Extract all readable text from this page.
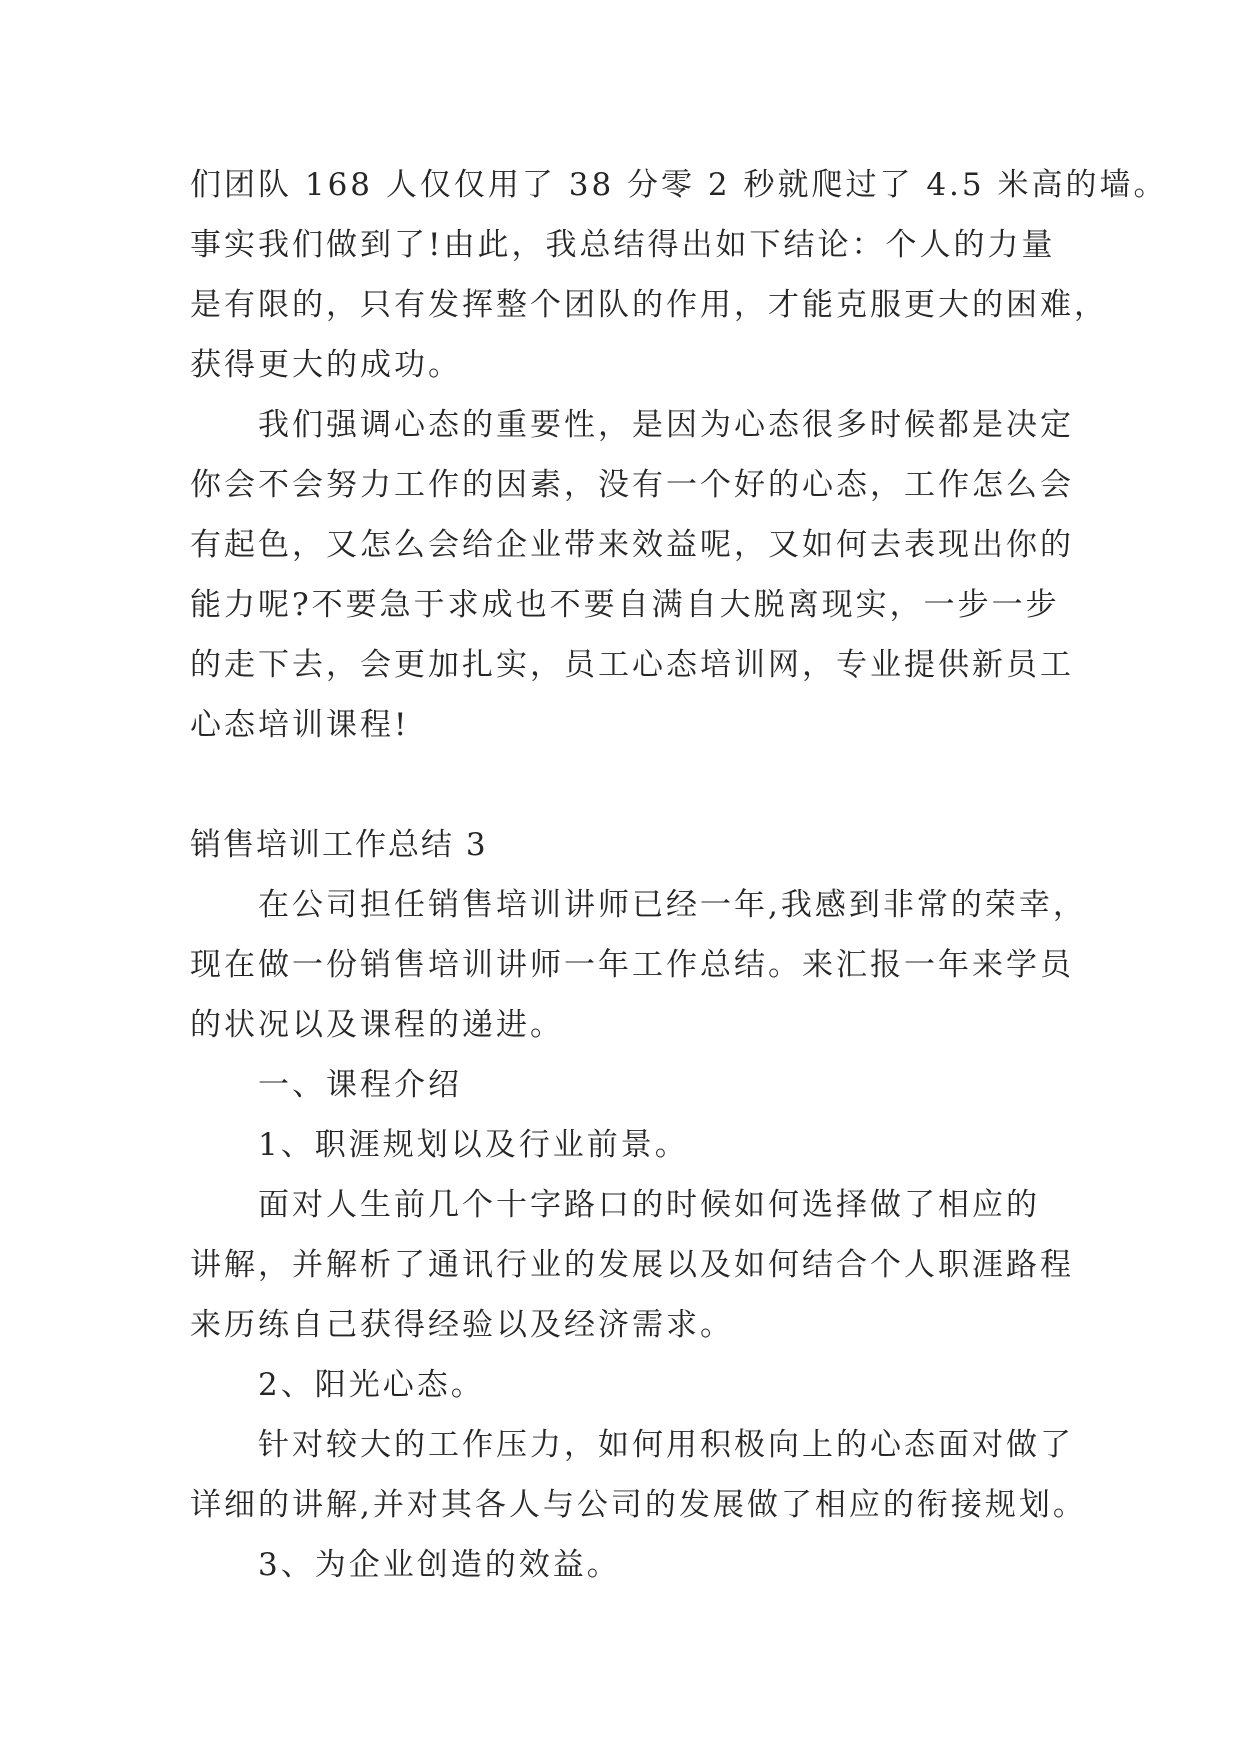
们团队 168 人仅仅用了 38 分零 2 秒就爬过了 4.5 米高的墙。

事实我们做到了!由此，我总结得出如下结论：个人的力量

是有限的，只有发挥整个团队的作用，才能克服更大的困难，

获得更大的成功。

我们强调心态的重要性，是因为心态很多时候都是决定

你会不会努力工作的因素，没有一个好的心态，工作怎么会

有起色，又怎么会给企业带来效益呢，又如何去表现出你的

能力呢?不要急于求成也不要自满自大脱离现实，一步一步

的走下去，会更加扎实，员工心态培训网，专业提供新员工

心态培训课程!

销售培训工作总结 3

在公司担任销售培训讲师已经一年,我感到非常的荣幸，

现在做一份销售培训讲师一年工作总结。来汇报一年来学员

的状况以及课程的递进。

一、课程介绍

1、职涯规划以及行业前景。

面对人生前几个十字路口的时候如何选择做了相应的

讲解，并解析了通讯行业的发展以及如何结合个人职涯路程

来历练自己获得经验以及经济需求。

2、阳光心态。

针对较大的工作压力，如何用积极向上的心态面对做了

详细的讲解,并对其各人与公司的发展做了相应的衔接规划。

3、为企业创造的效益。
